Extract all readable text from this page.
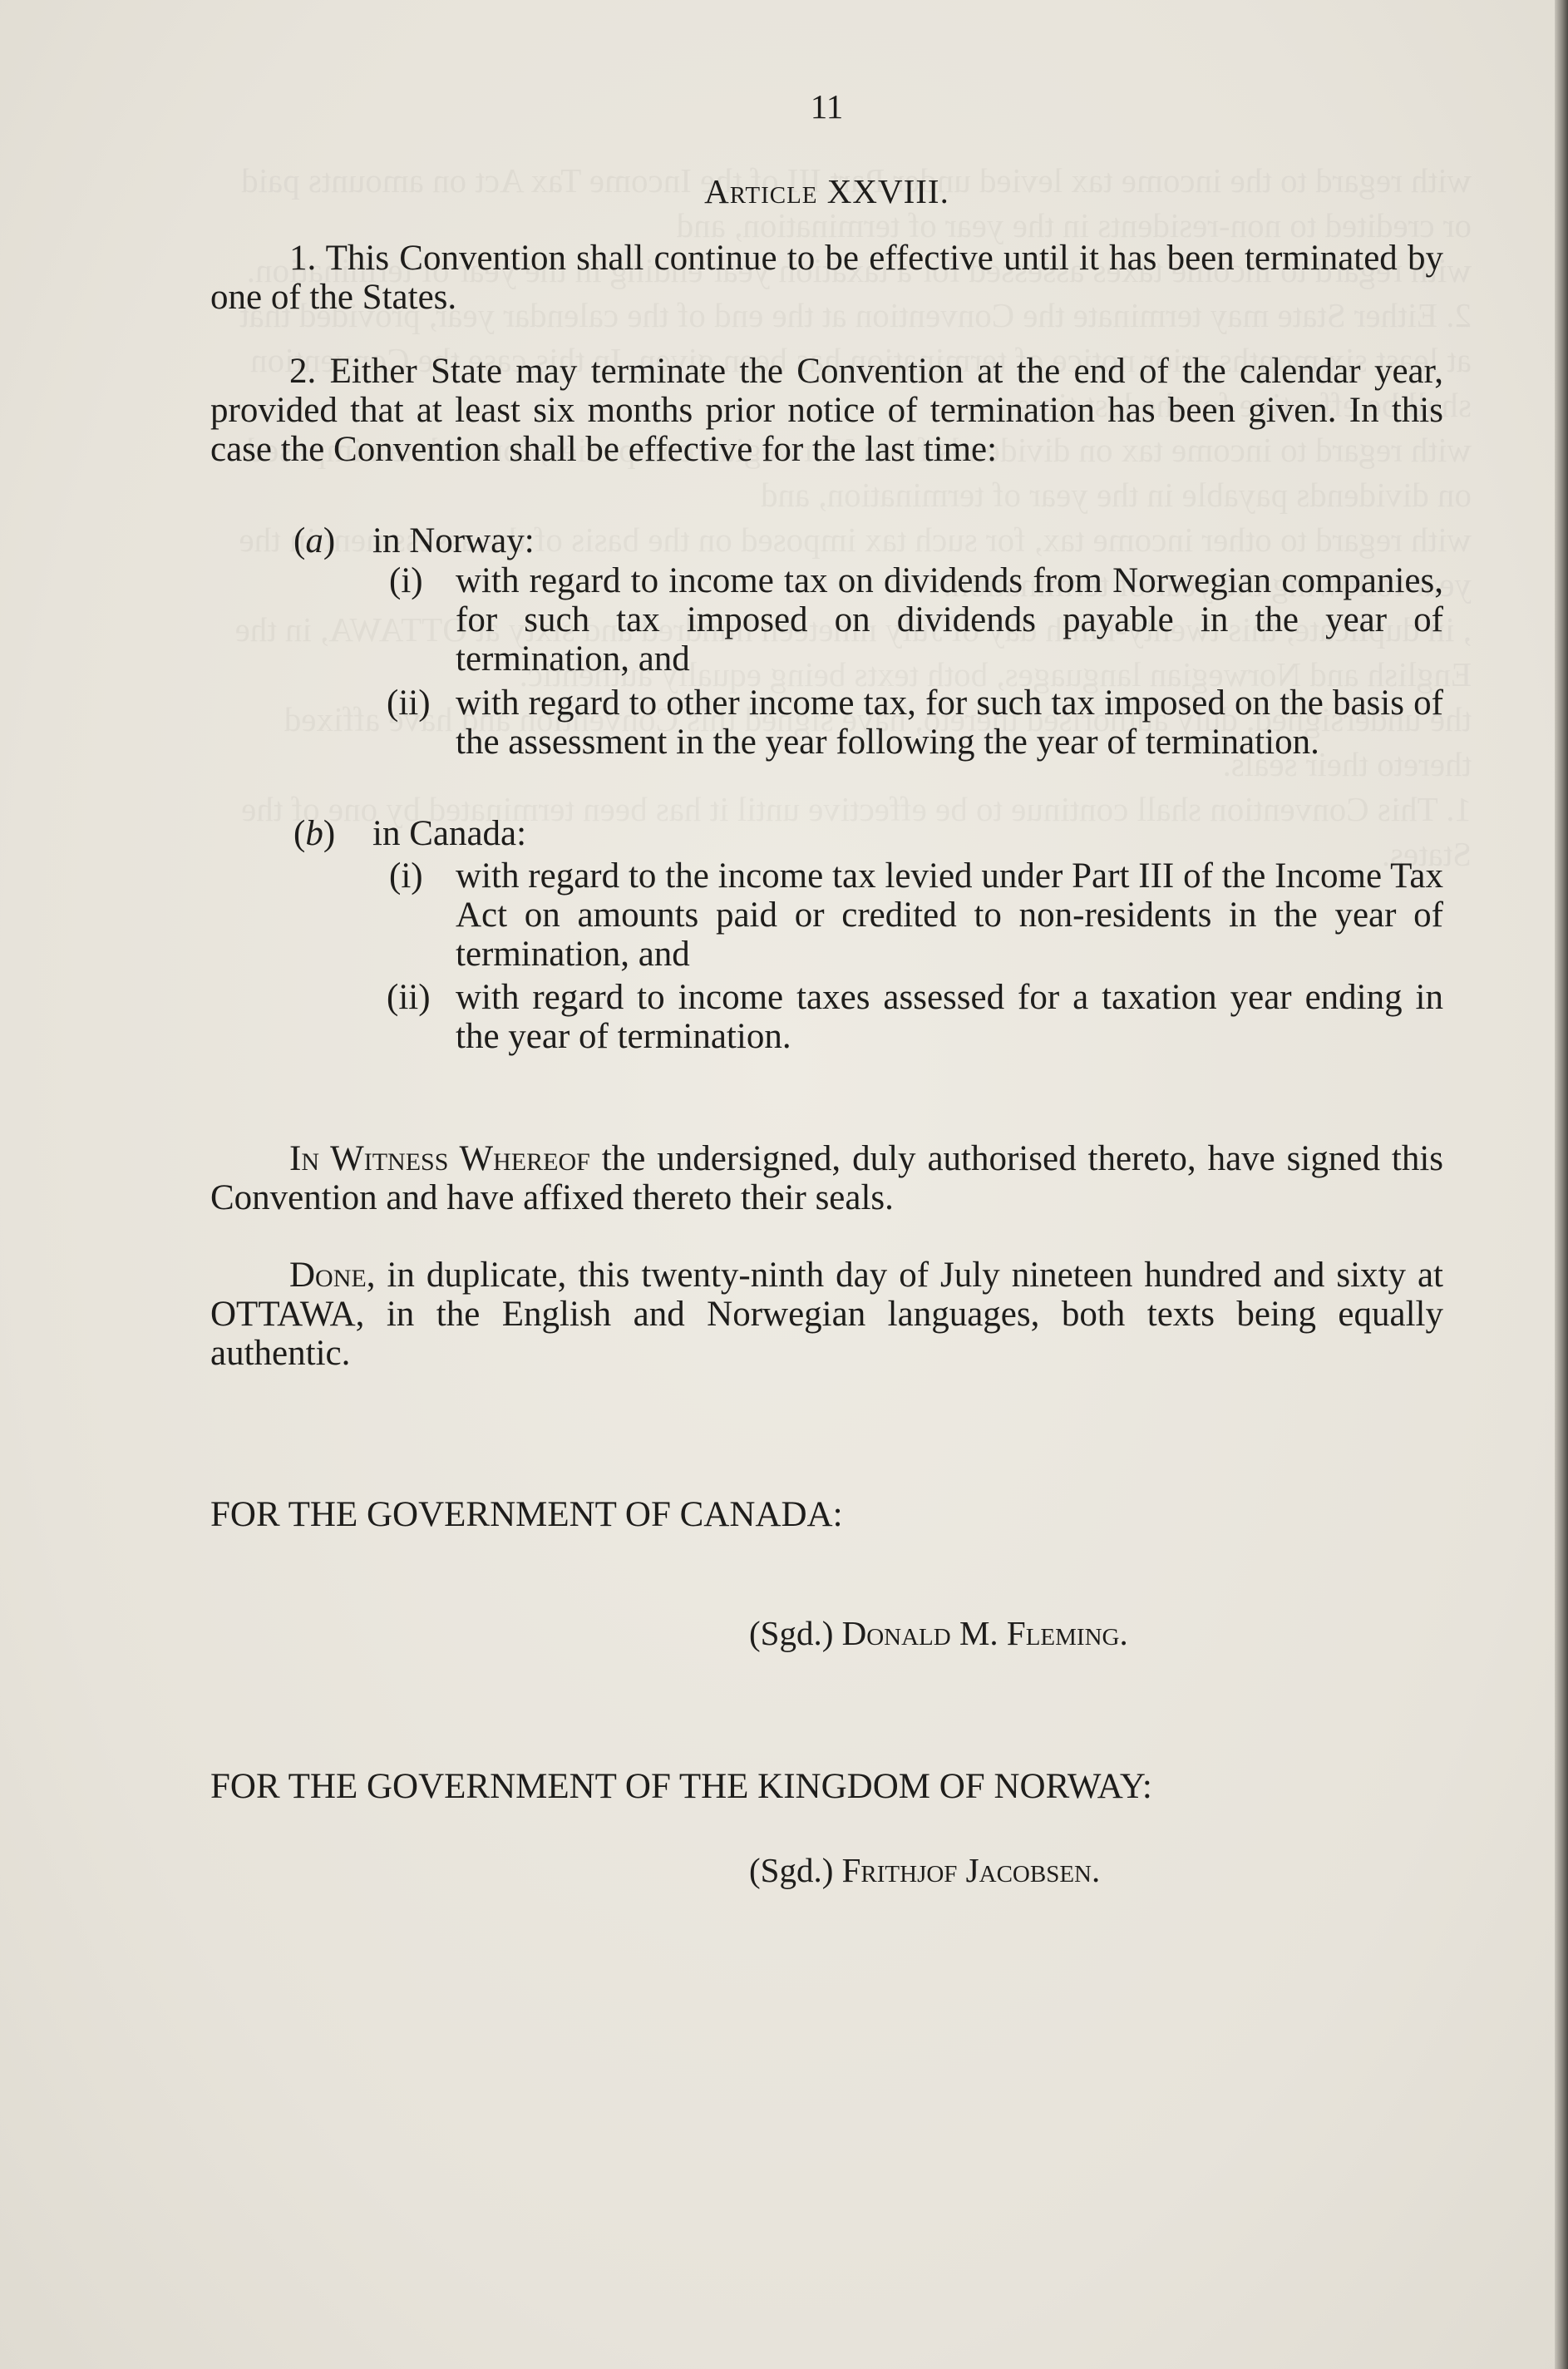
11
Article XXVIII.

1. This Convention shall continue to be effective until it has been terminated by one of the States.

2. Either State may terminate the Convention at the end of the calendar year, provided that at least six months prior notice of termination has been given. In this case the Convention shall be effective for the last time:

(a) in Norway:
(i) with regard to income tax on dividends from Norwegian companies, for such tax imposed on dividends payable in the year of termination, and
(ii) with regard to other income tax, for such tax imposed on the basis of the assessment in the year following the year of termination.
(b) in Canada:
(i) with regard to the income tax levied under Part III of the Income Tax Act on amounts paid or credited to non-residents in the year of termination, and
(ii) with regard to income taxes assessed for a taxation year ending in the year of termination.

In Witness Whereof the undersigned, duly authorised thereto, have signed this Convention and have affixed thereto their seals.

Done, in duplicate, this twenty-ninth day of July nineteen hundred and sixty at OTTAWA, in the English and Norwegian languages, both texts being equally authentic.

FOR THE GOVERNMENT OF CANADA:
(Sgd.) Donald M. Fleming.
FOR THE GOVERNMENT OF THE KINGDOM OF NORWAY:
(Sgd.) Frithjof Jacobsen.
